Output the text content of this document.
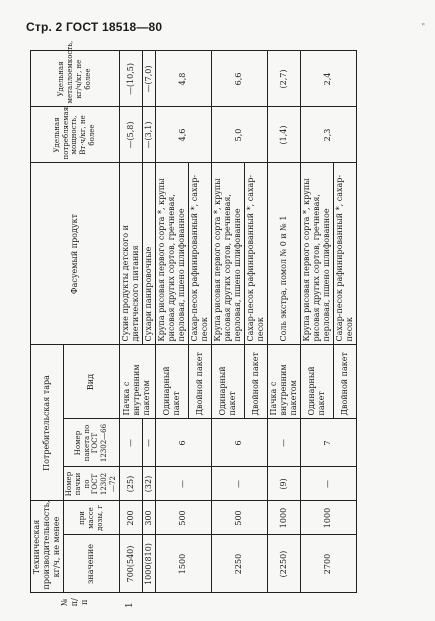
Стр. 2 ГОСТ 18518—80	"
№ п/п	Техническая производительность, кг/ч, не менее		Потребительская тара			Фасуемый продукт	Удельная потребляемая мощность, Вт·ч/кг, не более	Удельная металлоемкость, кг/ч/кг, не более
	значение	при массе дозы, г	Номер пачки по ГОСТ 12302—72	Номер пакета по ГОСТ 12302—66	Вид			
1	700(540)	200	(25)	—	Пачка с внутренним пакетом	Сухие продукты детского и диетического питания	—(5,8)	—(10,5)
	1000(810)	300	(32)	—		Сухари панировочные	—(3,1)	—(7,0)
	1500	500	—	6	Одинарный пакет	Крупа рисовая первого сорта *, крупы рисовая других сортов, гречневая, перловая, пшено шлифованное	4,6	4,8
					Двойной пакет	Сахар-песок рафинированный *, сахар-песок		
	2250	500	—	6	Одинарный пакет	Крупа рисовая первого сорта *, крупы рисовая других сортов, гречневая, перловая, пшено шлифованное	5,0	6,6
					Двойной пакет	Сахар-песок рафинированный *, сахар-песок		
	(2250)	1000	(9)	—	Пачка с внутренним пакетом	Соль экстра, помол № 0 и № 1	(1,4)	(2,7)
	2700	1000	—	7	Одинарный пакет	Крупа рисовая первого сорта *, крупы рисовая других сортов, гречневая, перловая, пшено шлифованное	2,3	2,4
					Двойной пакет	Сахар-песок рафинированный *, сахар-песок		
